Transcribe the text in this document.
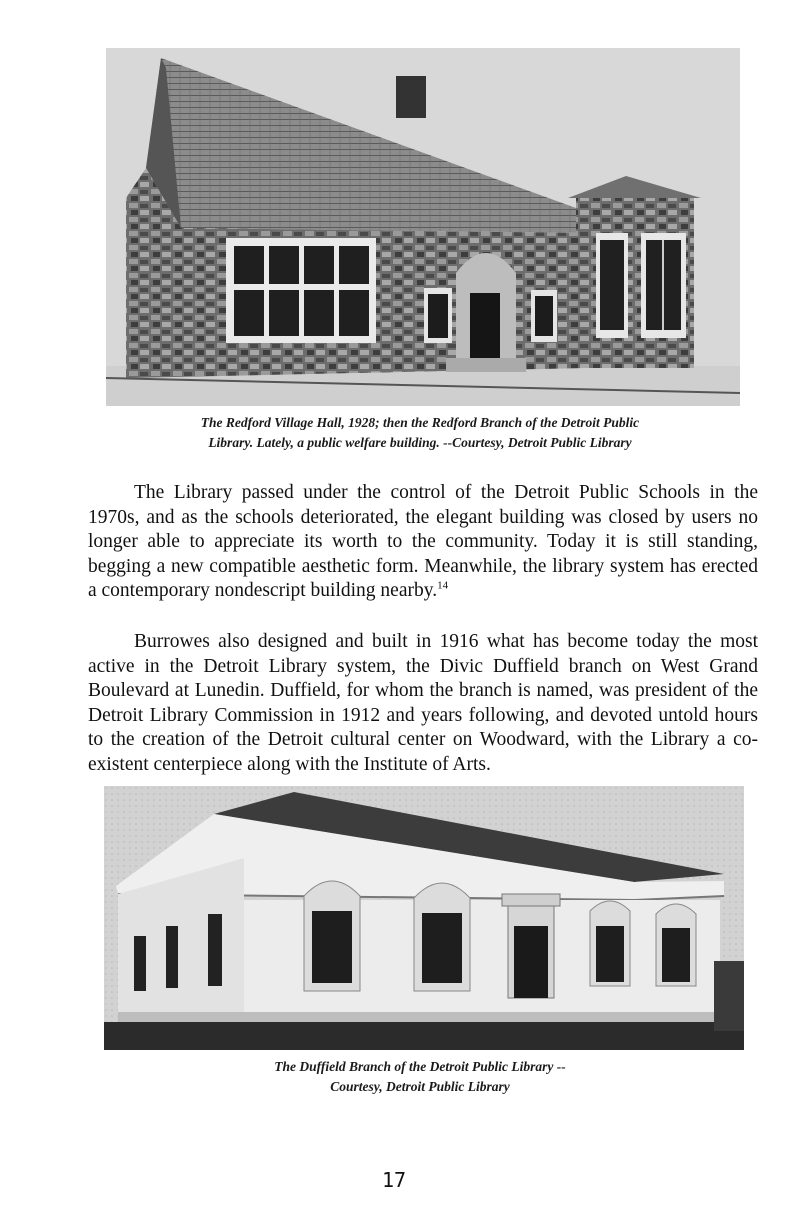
The Redford Village Hall, 1928; then the Redford Branch of the Detroit Public
Library. Lately, a public welfare building. --Courtesy, Detroit Public Library
The Library passed under the control of the Detroit Public Schools in the 1970s, and as the schools deteriorated, the elegant building was closed by users no longer able to appreciate its worth to the community. Today it is still standing, begging a new compatible aesthetic form. Meanwhile, the library system has erected a contemporary nondescript building nearby.$^{14}$
Burrowes also designed and built in 1916 what has become today the most active in the Detroit Library system, the Divic Duffield branch on West Grand Boulevard at Lunedin. Duffield, for whom the branch is named, was president of the Detroit Library Commission in 1912 and years following, and devoted untold hours to the creation of the Detroit cultural center on Woodward, with the Library a co-existent centerpiece along with the Institute of Arts.
The Duffield Branch of the Detroit Public Library --
Courtesy, Detroit Public Library
17
